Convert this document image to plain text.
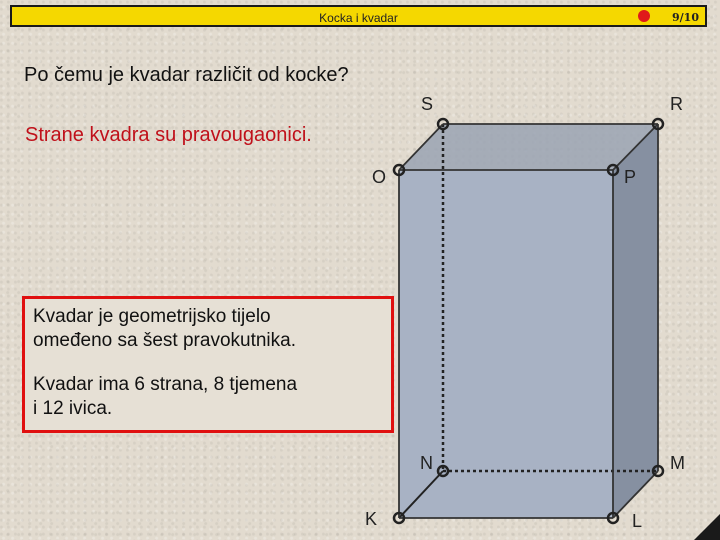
Kocka i kvadar	9/10
Po čemu je kvadar različit od kocke?
Strane kvadra su pravougaonici.
S	R
O	P
N	M
K	L

Kvadar je geometrijsko tijelo

omeđeno sa šest pravokutnika.

Kvadar ima 6 strana, 8 tjemena

i 12 ivica.
